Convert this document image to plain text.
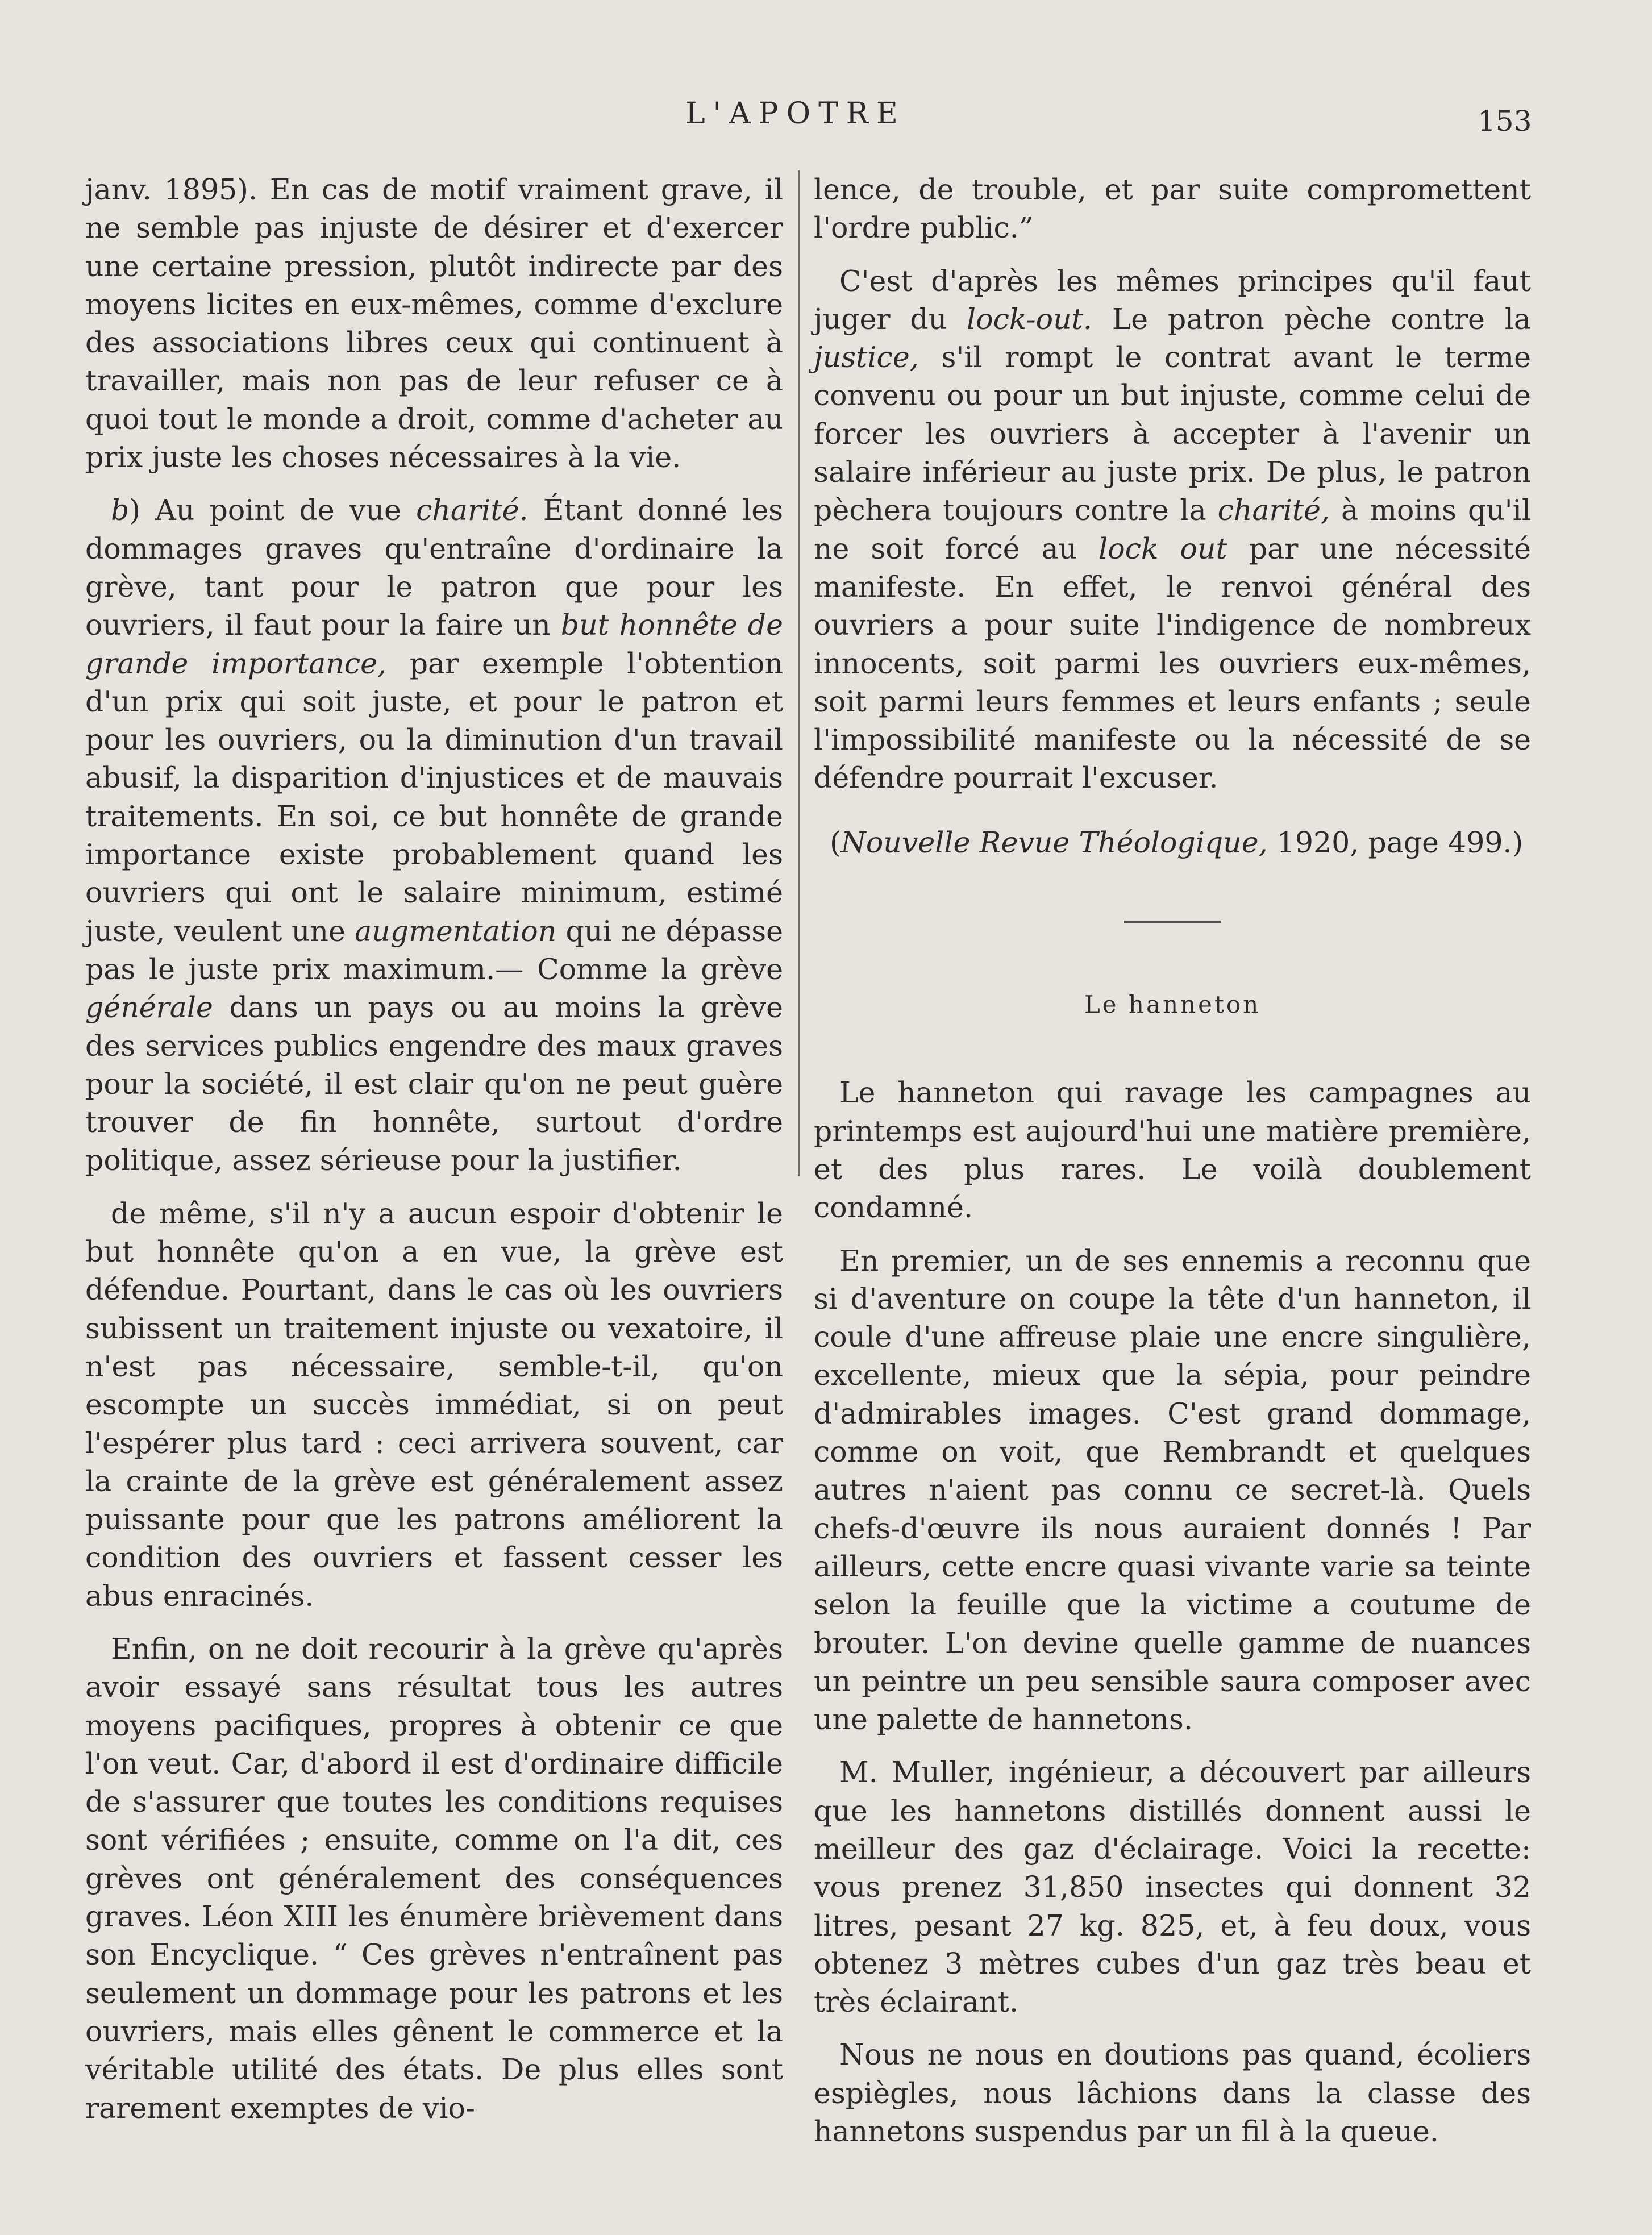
L'APOTRE	153

janv. 1895). En cas de motif vraiment grave, il ne semble pas injuste de désirer et d'exercer une certaine pression, plutôt indirecte par des moyens licites en eux-mêmes, comme d'exclure des associations libres ceux qui continuent à travailler, mais non pas de leur refuser ce à quoi tout le monde a droit, comme d'acheter au prix juste les choses nécessaires à la vie.

b) Au point de vue charité. Étant donné les dommages graves qu'entraîne d'ordinaire la grève, tant pour le patron que pour les ouvriers, il faut pour la faire un but honnête de grande importance, par exemple l'obtention d'un prix qui soit juste, et pour le patron et pour les ouvriers, ou la diminution d'un travail abusif, la disparition d'injustices et de mauvais traitements. En soi, ce but honnête de grande importance existe probablement quand les ouvriers qui ont le salaire minimum, estimé juste, veulent une augmentation qui ne dépasse pas le juste prix maximum.— Comme la grève générale dans un pays ou au moins la grève des services publics engendre des maux graves pour la société, il est clair qu'on ne peut guère trouver de fin honnête, surtout d'ordre politique, assez sérieuse pour la justifier.

de même, s'il n'y a aucun espoir d'obtenir le but honnête qu'on a en vue, la grève est défendue. Pourtant, dans le cas où les ouvriers subissent un traitement injuste ou vexatoire, il n'est pas nécessaire, semble-t-il, qu'on escompte un succès immédiat, si on peut l'espérer plus tard : ceci arrivera souvent, car la crainte de la grève est généralement assez puissante pour que les patrons améliorent la condition des ouvriers et fassent cesser les abus enracinés.

Enfin, on ne doit recourir à la grève qu'après avoir essayé sans résultat tous les autres moyens pacifiques, propres à obtenir ce que l'on veut. Car, d'abord il est d'ordinaire difficile de s'assurer que toutes les conditions requises sont vérifiées ; ensuite, comme on l'a dit, ces grèves ont généralement des conséquences graves. Léon XIII les énumère brièvement dans son Encyclique. “ Ces grèves n'entraînent pas seulement un dommage pour les patrons et les ouvriers, mais elles gênent le commerce et la véritable utilité des états. De plus elles sont rarement exemptes de vio-

lence, de trouble, et par suite compromettent l'ordre public.”

C'est d'après les mêmes principes qu'il faut juger du lock-out. Le patron pèche contre la justice, s'il rompt le contrat avant le terme convenu ou pour un but injuste, comme celui de forcer les ouvriers à accepter à l'avenir un salaire inférieur au juste prix. De plus, le patron pèchera toujours contre la charité, à moins qu'il ne soit forcé au lock out par une nécessité manifeste. En effet, le renvoi général des ouvriers a pour suite l'indigence de nombreux innocents, soit parmi les ouvriers eux-mêmes, soit parmi leurs femmes et leurs enfants ; seule l'impossibilité manifeste ou la nécessité de se défendre pourrait l'excuser.

(Nouvelle Revue Théologique, 1920, page 499.)

Le hanneton

Le hanneton qui ravage les campagnes au printemps est aujourd'hui une matière première, et des plus rares. Le voilà doublement condamné.

En premier, un de ses ennemis a reconnu que si d'aventure on coupe la tête d'un hanneton, il coule d'une affreuse plaie une encre singulière, excellente, mieux que la sépia, pour peindre d'admirables images. C'est grand dommage, comme on voit, que Rembrandt et quelques autres n'aient pas connu ce secret-là. Quels chefs-d'œuvre ils nous auraient donnés ! Par ailleurs, cette encre quasi vivante varie sa teinte selon la feuille que la victime a coutume de brouter. L'on devine quelle gamme de nuances un peintre un peu sensible saura composer avec une palette de hannetons.

M. Muller, ingénieur, a découvert par ailleurs que les hannetons distillés donnent aussi le meilleur des gaz d'éclairage. Voici la recette: vous prenez 31,850 insectes qui donnent 32 litres, pesant 27 kg. 825, et, à feu doux, vous obtenez 3 mètres cubes d'un gaz très beau et très éclairant.

Nous ne nous en doutions pas quand, écoliers espiègles, nous lâchions dans la classe des hannetons suspendus par un fil à la queue.
